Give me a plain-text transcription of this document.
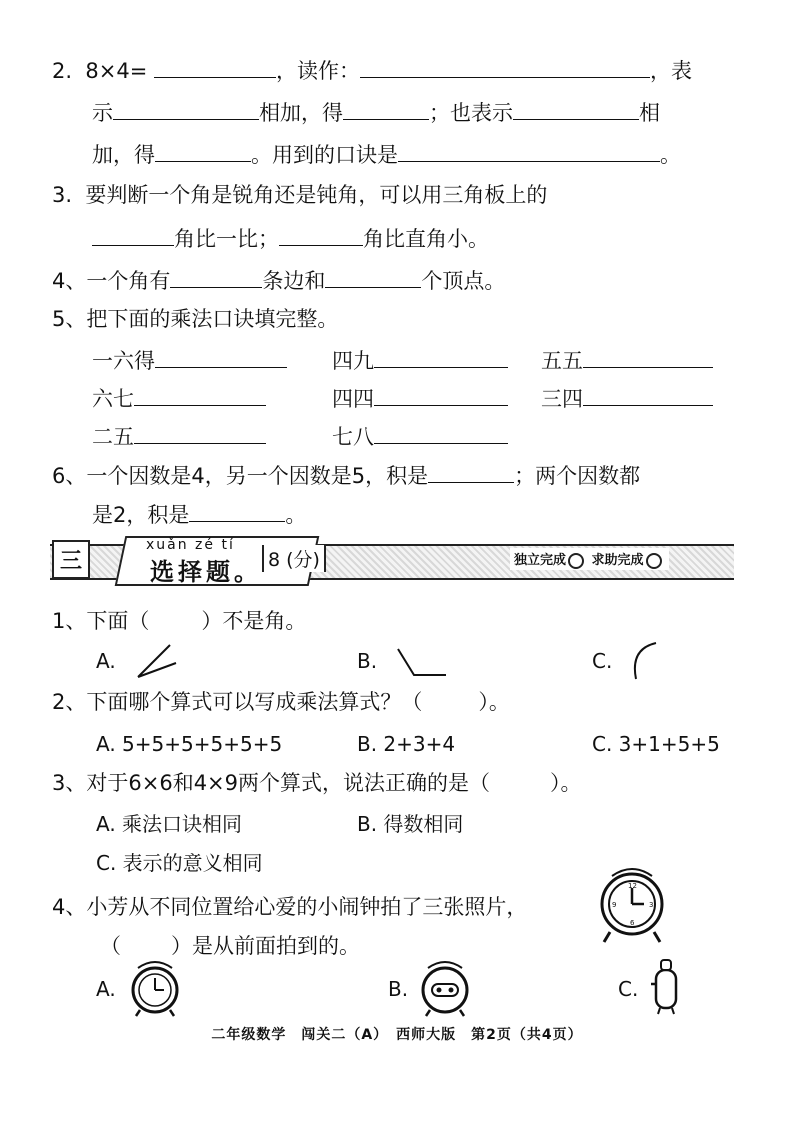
2. 8×4=	，读作：	，表
示	相加，得	；也表示	相
加，得	。用到的口诀是	。
3. 要判断一个角是锐角还是钝角，可以用三角板上的
角比一比；	角比直角小。
4、一个角有	条边和	个顶点。
5、把下面的乘法口诀填完整。
一六得	四九	五五
六七	四四	三四
二五	七八
6、一个因数是4，另一个因数是5，积是	；两个因数都
是2，积是	。
三
xuǎn zé tí
选择题。 8 (分)	独立完成 求助完成
1、下面（ ）不是角。
A.	B.	C.
2、下面哪个算式可以写成乘法算式？（	）。
A. 5+5+5+5+5+5	B. 2+3+4	C. 3+1+5+5
3、对于6×6和4×9两个算式，说法正确的是（	）。
A. 乘法口诀相同	B. 得数相同
C. 表示的意义相同
4、小芳从不同位置给心爱的小闹钟拍了三张照片，
（ ）是从前面拍到的。
12
3
6
9
A.	B.	C.
二年级数学　闯关二（A）　西师大版　第2页（共4页）
